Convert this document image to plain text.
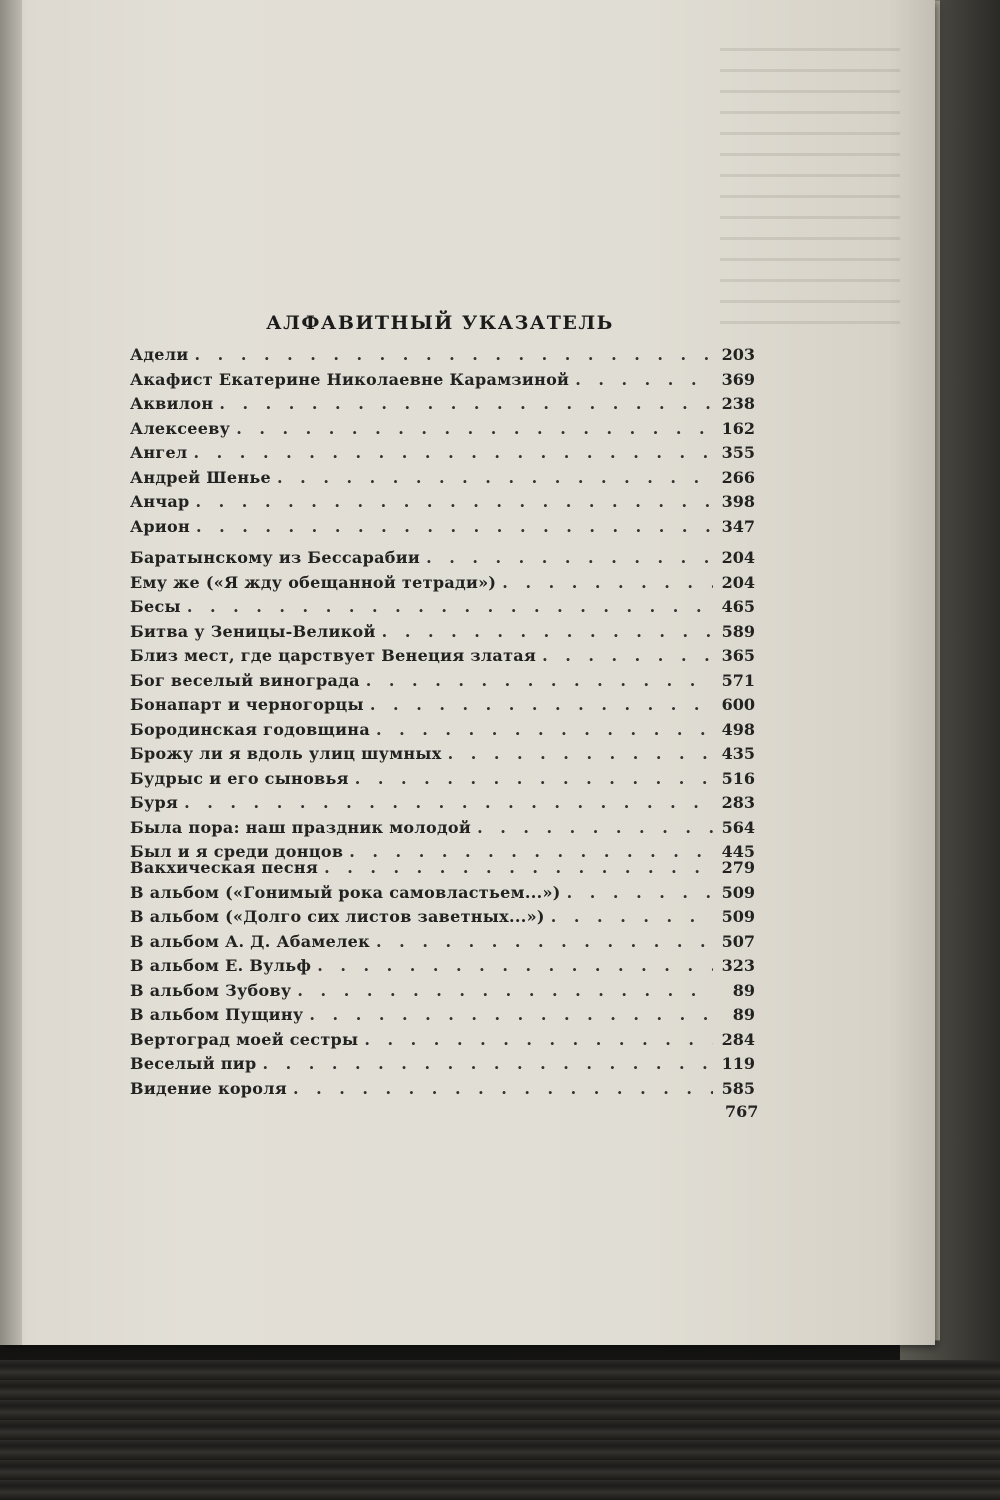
АЛФАВИТНЫЙ УКАЗАТЕЛЬ
Адели . . .	203
Акафист Екатерине Николаевне Карамзиной . . .	369
Аквилон . . .	238
Алексееву . . .	162
Ангел . . .	355
Андрей Шенье . . .	266
Анчар . . .	398
Арион . . .	347
Баратынскому из Бессарабии . . .	204
Ему же («Я жду обещанной тетради») . . .	204
Бесы . . .	465
Битва у Зеницы-Великой . . .	589
Близ мест, где царствует Венеция златая . . .	365
Бог веселый винограда . . .	571
Бонапарт и черногорцы . . .	600
Бородинская годовщина . . .	498
Брожу ли я вдоль улиц шумных . . .	435
Будрыс и его сыновья . . .	516
Буря . . .	283
Была пора: наш праздник молодой . . .	564
Был и я среди донцов . . .	445
Вакхическая песня . . .	279
В альбом («Гонимый рока самовластьем...») . . .	509
В альбом («Долго сих листов заветных...») . . .	509
В альбом А. Д. Абамелек . . .	507
В альбом Е. Вульф . . .	323
В альбом Зубову . . .	89
В альбом Пущину . . .	89
Вертоград моей сестры . . .	284
Веселый пир . . .	119
Видение короля . . .	585
767
